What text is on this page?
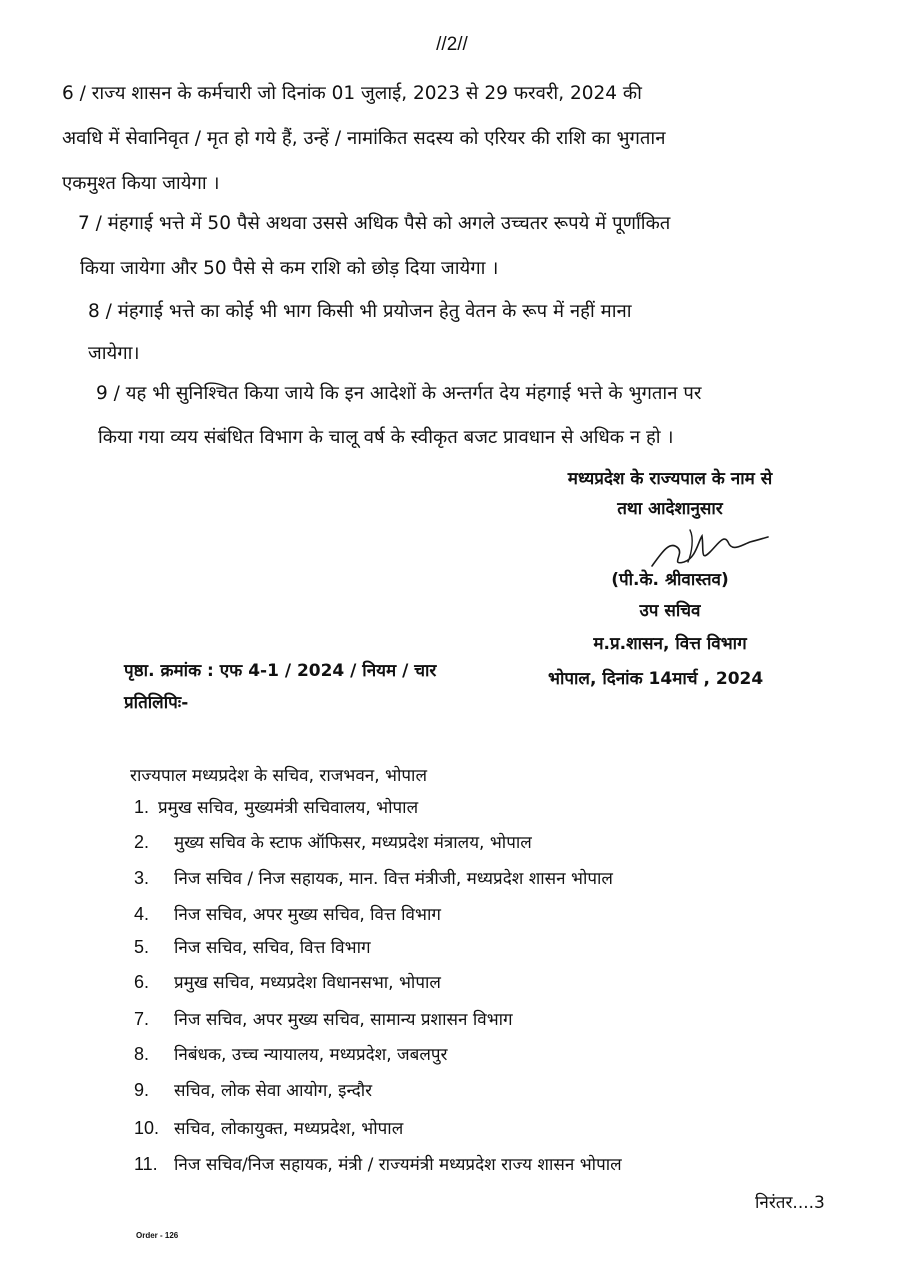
//2//
6 / राज्य शासन के कर्मचारी जो दिनांक 01 जुलाई, 2023 से 29 फरवरी, 2024 की
अवधि में सेवानिवृत / मृत हो गये हैं, उन्हें / नामांकित सदस्य को एरियर की राशि का भुगतान
एकमुश्त किया जायेगा ।
7 / मंहगाई भत्ते में 50 पैसे अथवा उससे अधिक पैसे को अगले उच्चतर रूपये में पूर्णांकित
किया जायेगा और 50 पैसे से कम राशि को छोड़ दिया जायेगा ।
8 / मंहगाई भत्ते का कोई भी भाग किसी भी प्रयोजन हेतु वेतन के रूप में नहीं माना
जायेगा।
9 / यह भी सुनिश्चित किया जाये कि इन आदेशों के अन्तर्गत देय मंहगाई भत्ते के भुगतान पर
किया गया व्यय संबंधित विभाग के चालू वर्ष के स्वीकृत बजट प्रावधान से अधिक न हो ।
मध्यप्रदेश के राज्यपाल के नाम से
तथा आदेशानुसार
(पी.के. श्रीवास्तव)
उप सचिव
म.प्र.शासन, वित्त विभाग
भोपाल, दिनांक 14मार्च , 2024
पृष्ठा. क्रमांक : एफ 4-1 / 2024 / नियम / चार
प्रतिलिपिः-
राज्यपाल मध्यप्रदेश के सचिव, राजभवन, भोपाल
1. प्रमुख सचिव, मुख्यमंत्री सचिवालय, भोपाल
2. मुख्य सचिव के स्टाफ ऑफिसर, मध्यप्रदेश मंत्रालय, भोपाल
3. निज सचिव / निज सहायक, मान. वित्त मंत्रीजी, मध्यप्रदेश शासन भोपाल
4. निज सचिव, अपर मुख्य सचिव, वित्त विभाग
5. निज सचिव, सचिव, वित्त विभाग
6. प्रमुख सचिव, मध्यप्रदेश विधानसभा, भोपाल
7. निज सचिव, अपर मुख्य सचिव, सामान्य प्रशासन विभाग
8. निबंधक, उच्च न्यायालय, मध्यप्रदेश, जबलपुर
9. सचिव, लोक सेवा आयोग, इन्दौर
10. सचिव, लोकायुक्त, मध्यप्रदेश, भोपाल
11. निज सचिव/निज सहायक, मंत्री / राज्यमंत्री मध्यप्रदेश राज्य शासन भोपाल
निरंतर....3
Order - 126
